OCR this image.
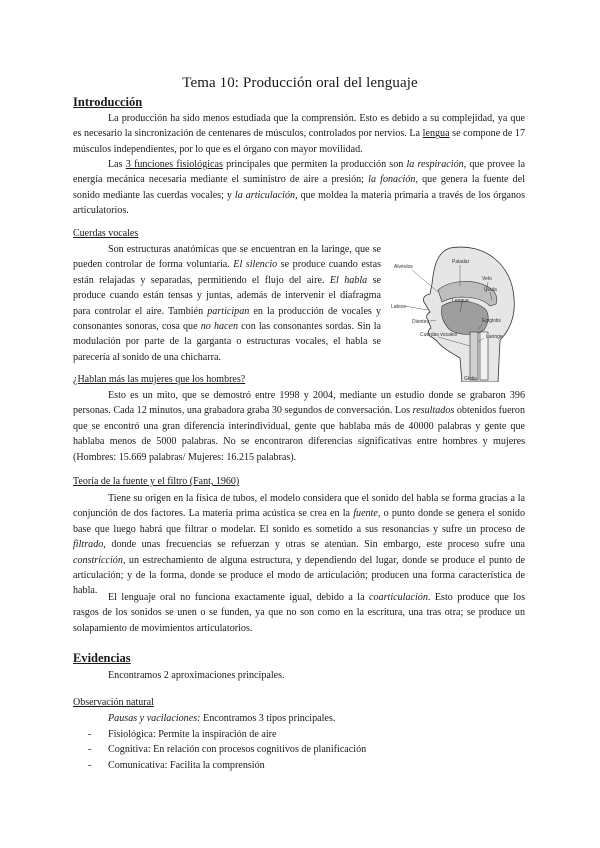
Tema 10: Producción oral del lenguaje
Introducción

La producción ha sido menos estudiada que la comprensión. Esto es debido a su complejidad, ya que es necesario la sincronización de centenares de músculos, controlados por nervios. La lengua se compone de 17 músculos independientes, por lo que es el órgano con mayor movilidad.

Las 3 funciones fisiológicas principales que permiten la producción son la respiración, que provee la energía mecánica necesaria mediante el suministro de aire a presión; la fonación, que genera la fuente del sonido mediante las cuerdas vocales; y la articulación, que moldea la materia primaria a través de los órganos articulatorios.

Cuerdas vocales

Son estructuras anatómicas que se encuentran en la laringe, que se pueden controlar de forma voluntaria. El silencio se produce cuando estas están relajadas y separadas, permitiendo el flujo del aire. El habla se produce cuando están tensas y juntas, además de intervenir el diafragma para controlar el aire. También participan en la producción de vocales y consonantes sonoras, cosa que no hacen con las consonantes sordas. Sin la modulación por parte de la garganta o estructuras vocales, el habla se parecería al sonido de una chicharra.

Alvéolos
Paladar
Velo
Úvula
Labios
Lengua
Dientes	Epiglotis
Cuerdas vocales	Laringe
Glotis
¿Hablan más las mujeres que los hombres?

Esto es un mito, que se demostró entre 1998 y 2004, mediante un estudio donde se grabaron 396 personas. Cada 12 minutos, una grabadora graba 30 segundos de conversación. Los resultados obtenidos fueron que se encontró una gran diferencia interindividual, gente que hablaba más de 40000 palabras y gente que hablaba menos de 5000 palabras. No se encontraron diferencias significativas entre hombres y mujeres (Hombres: 15.669 palabras/ Mujeres: 16.215 palabras).

Teoría de la fuente y el filtro (Fant, 1960)

Tiene su origen en la física de tubos, el modelo considera que el sonido del habla se forma gracias a la conjunción de dos factores. La materia prima acústica se crea en la fuente, o punto donde se genera el sonido base que luego habrá que filtrar o modelar. El sonido es sometido a sus resonancias y sufre un proceso de filtrado, donde unas frecuencias se refuerzan y otras se atenúan. Sin embargo, este proceso sufre una constricción, un estrechamiento de alguna estructura, y dependiendo del lugar, donde se produce el punto de articulación; y de la forma, donde se produce el modo de articulación; producen una forma característica de habla.

El lenguaje oral no funciona exactamente igual, debido a la coarticulación. Esto produce que los rasgos de los sonidos se unen o se funden, ya que no son como en la escritura, una tras otra; se produce un solapamiento de movimientos articulatorios.

Evidencias

Encontramos 2 aproximaciones principales.

Observación natural

Pausas y vacilaciones: Encontramos 3 tipos principales.

- Fisiológica: Permite la inspiración de aire
- Cognitiva: En relación con procesos cognitivos de planificación
- Comunicativa: Facilita la comprensión
